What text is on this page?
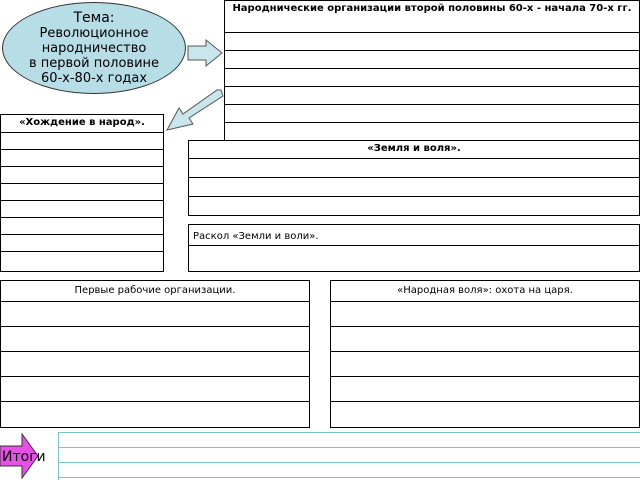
Тема:
Революционное
народничество
в первой половине
60-х-80-х годах
Народнические организации второй половины 60-х - начала 70-х гг.
«Хождение в народ».
«Земля и воля».
Раскол «Земли и воли».
Первые рабочие организации.	«Народная воля»: охота на царя.
Итоги
